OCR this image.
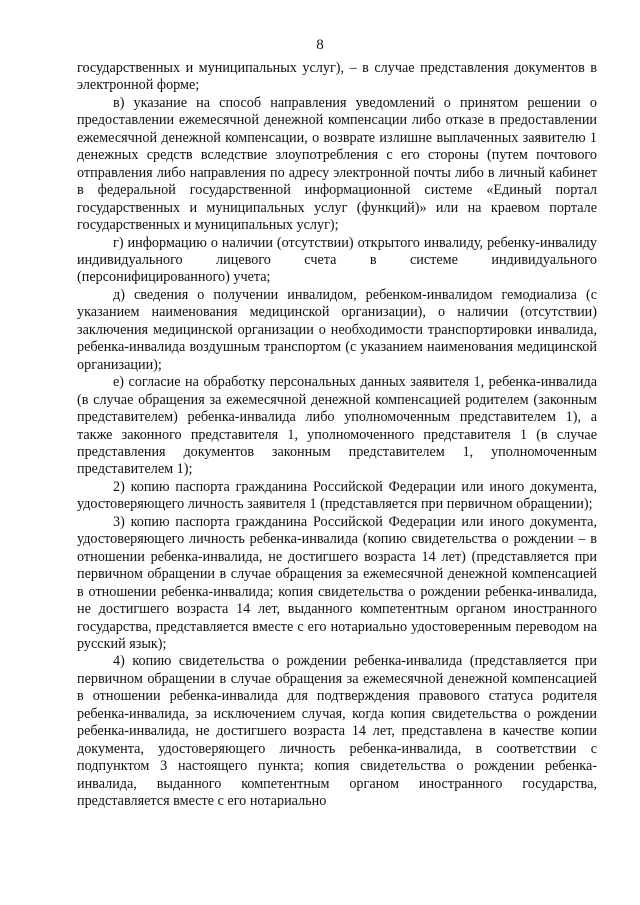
8

государственных и муниципальных услуг), – в случае представления документов в электронной форме;

в) указание на способ направления уведомлений о принятом решении о предоставлении ежемесячной денежной компенсации либо отказе в предоставлении ежемесячной денежной компенсации, о возврате излишне выплаченных заявителю 1 денежных средств вследствие злоупотребления с его стороны (путем почтового отправления либо направления по адресу электронной почты либо в личный кабинет в федеральной государственной информационной системе «Единый портал государственных и муниципальных услуг (функций)» или на краевом портале государственных и муниципальных услуг);

г) информацию о наличии (отсутствии) открытого инвалиду, ребенку-инвалиду индивидуального лицевого счета в системе индивидуального (персонифицированного) учета;

д) сведения о получении инвалидом, ребенком-инвалидом гемодиализа (с указанием наименования медицинской организации), о наличии (отсутствии) заключения медицинской организации о необходимости транспортировки инвалида, ребенка-инвалида воздушным транспортом (с указанием наименования медицинской организации);

е) согласие на обработку персональных данных заявителя 1, ребенка-инвалида (в случае обращения за ежемесячной денежной компенсацией родителем (законным представителем) ребенка-инвалида либо уполномоченным представителем 1), а также законного представителя 1, уполномоченного представителя 1 (в случае представления документов законным представителем 1, уполномоченным представителем 1);

2) копию паспорта гражданина Российской Федерации или иного документа, удостоверяющего личность заявителя 1 (представляется при первичном обращении);

3) копию паспорта гражданина Российской Федерации или иного документа, удостоверяющего личность ребенка-инвалида (копию свидетельства о рождении – в отношении ребенка-инвалида, не достигшего возраста 14 лет) (представляется при первичном обращении в случае обращения за ежемесячной денежной компенсацией в отношении ребенка-инвалида; копия свидетельства о рождении ребенка-инвалида, не достигшего возраста 14 лет, выданного компетентным органом иностранного государства, представляется вместе с его нотариально удостоверенным переводом на русский язык);

4) копию свидетельства о рождении ребенка-инвалида (представляется при первичном обращении в случае обращения за ежемесячной денежной компенсацией в отношении ребенка-инвалида для подтверждения правового статуса родителя ребенка-инвалида, за исключением случая, когда копия свидетельства о рождении ребенка-инвалида, не достигшего возраста 14 лет, представлена в качестве копии документа, удостоверяющего личность ребенка-инвалида, в соответствии с подпунктом 3 настоящего пункта; копия свидетельства о рождении ребенка-инвалида, выданного компетентным органом иностранного государства, представляется вместе с его нотариально
